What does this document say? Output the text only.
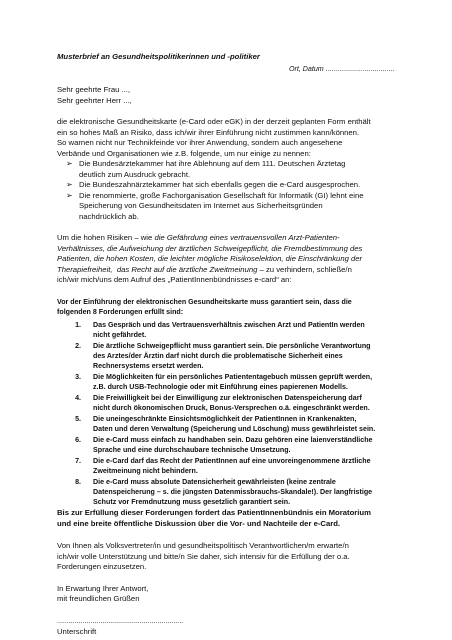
Musterbrief an Gesundheitspolitikerinnen und -politiker
Ort, Datum ...................................
Sehr geehrte Frau ...,
Sehr geehrter Herr ...,
die elektronische Gesundheitskarte (e-Card oder eGK) in der derzeit geplanten Form enthält
ein so hohes Maß an Risiko, dass ich/wir ihrer Einführung nicht zustimmen kann/können.
So warnen nicht nur Technikfeinde vor ihrer Anwendung, sondern auch angesehene
Verbände und Organisationen wie z.B. folgende, um nur einige zu nennen:
➢ Die Bundesärztekammer hat ihre Ablehnung auf dem 111. Deutschen Ärztetag
deutlich zum Ausdruck gebracht.
➢ Die Bundeszahnärztekammer hat sich ebenfalls gegen die e-Card ausgesprochen.
➢ Die renommierte, große Fachorganisation Gesellschaft für Informatik (GI) lehnt eine
Speicherung von Gesundheitsdaten im Internet aus Sicherheitsgründen
nachdrücklich ab.
Um die hohen Risiken – wie die Gefährdung eines vertrauensvollen Arzt-Patienten-
Verhältnisses, die Aufweichung der ärztlichen Schweigepflicht, die Fremdbestimmung des
Patienten, die hohen Kosten, die leichter mögliche Risikoselektion, die Einschränkung der
Therapiefreiheit,  das Recht auf die ärztliche Zweitmeinung – zu verhindern, schließe/n
ich/wir mich/uns dem Aufruf des „PatientInnenbündnisses e-card“ an:
Vor der Einführung der elektronischen Gesundheitskarte muss garantiert sein, dass die
folgenden 8 Forderungen erfüllt sind:
1. Das Gespräch und das Vertrauensverhältnis zwischen Arzt und PatientIn werden
nicht gefährdet.
2. Die ärztliche Schweigepflicht muss garantiert sein. Die persönliche Verantwortung
des Arztes/der Ärztin darf nicht durch die problematische Sicherheit eines
Rechnersystems ersetzt werden.
3. Die Möglichkeiten für ein persönliches Patiententagebuch müssen geprüft werden,
z.B. durch USB-Technologie oder mit Einführung eines papierenen Modells.
4. Die Freiwilligkeit bei der Einwilligung zur elektronischen Datenspeicherung darf
nicht durch ökonomischen Druck, Bonus-Versprechen o.ä. eingeschränkt werden.
5. Die uneingeschränkte Einsichtsmöglichkeit der PatientInnen in Krankenakten,
Daten und deren Verwaltung (Speicherung und Löschung) muss gewährleistet sein.
6. Die e-Card muss einfach zu handhaben sein. Dazu gehören eine laienverständliche
Sprache und eine durchschaubare technische Umsetzung.
7. Die e-Card darf das Recht der PatientInnen auf eine unvoreingenommene ärztliche
Zweitmeinung nicht behindern.
8. Die e-Card muss absolute Datensicherheit gewährleisten (keine zentrale
Datenspeicherung – s. die jüngsten Datenmissbrauchs-Skandale!). Der langfristige
Schutz vor Fremdnutzung muss gesetzlich garantiert sein.
Bis zur Erfüllung dieser Forderungen fordert das PatientInnenbündnis ein Moratorium
und eine breite öffentliche Diskussion über die Vor- und Nachteile der e-Card.
Von Ihnen als Volksvertreter/in und gesundheitspolitisch Verantwortlichen/m erwarte/n
ich/wir volle Unterstützung und bitte/n Sie daher, sich intensiv für die Erfüllung der o.a.
Forderungen einzusetzen.
In Erwartung Ihrer Antwort,
mit freundlichen Grüßen
................................................................
Unterschrift
